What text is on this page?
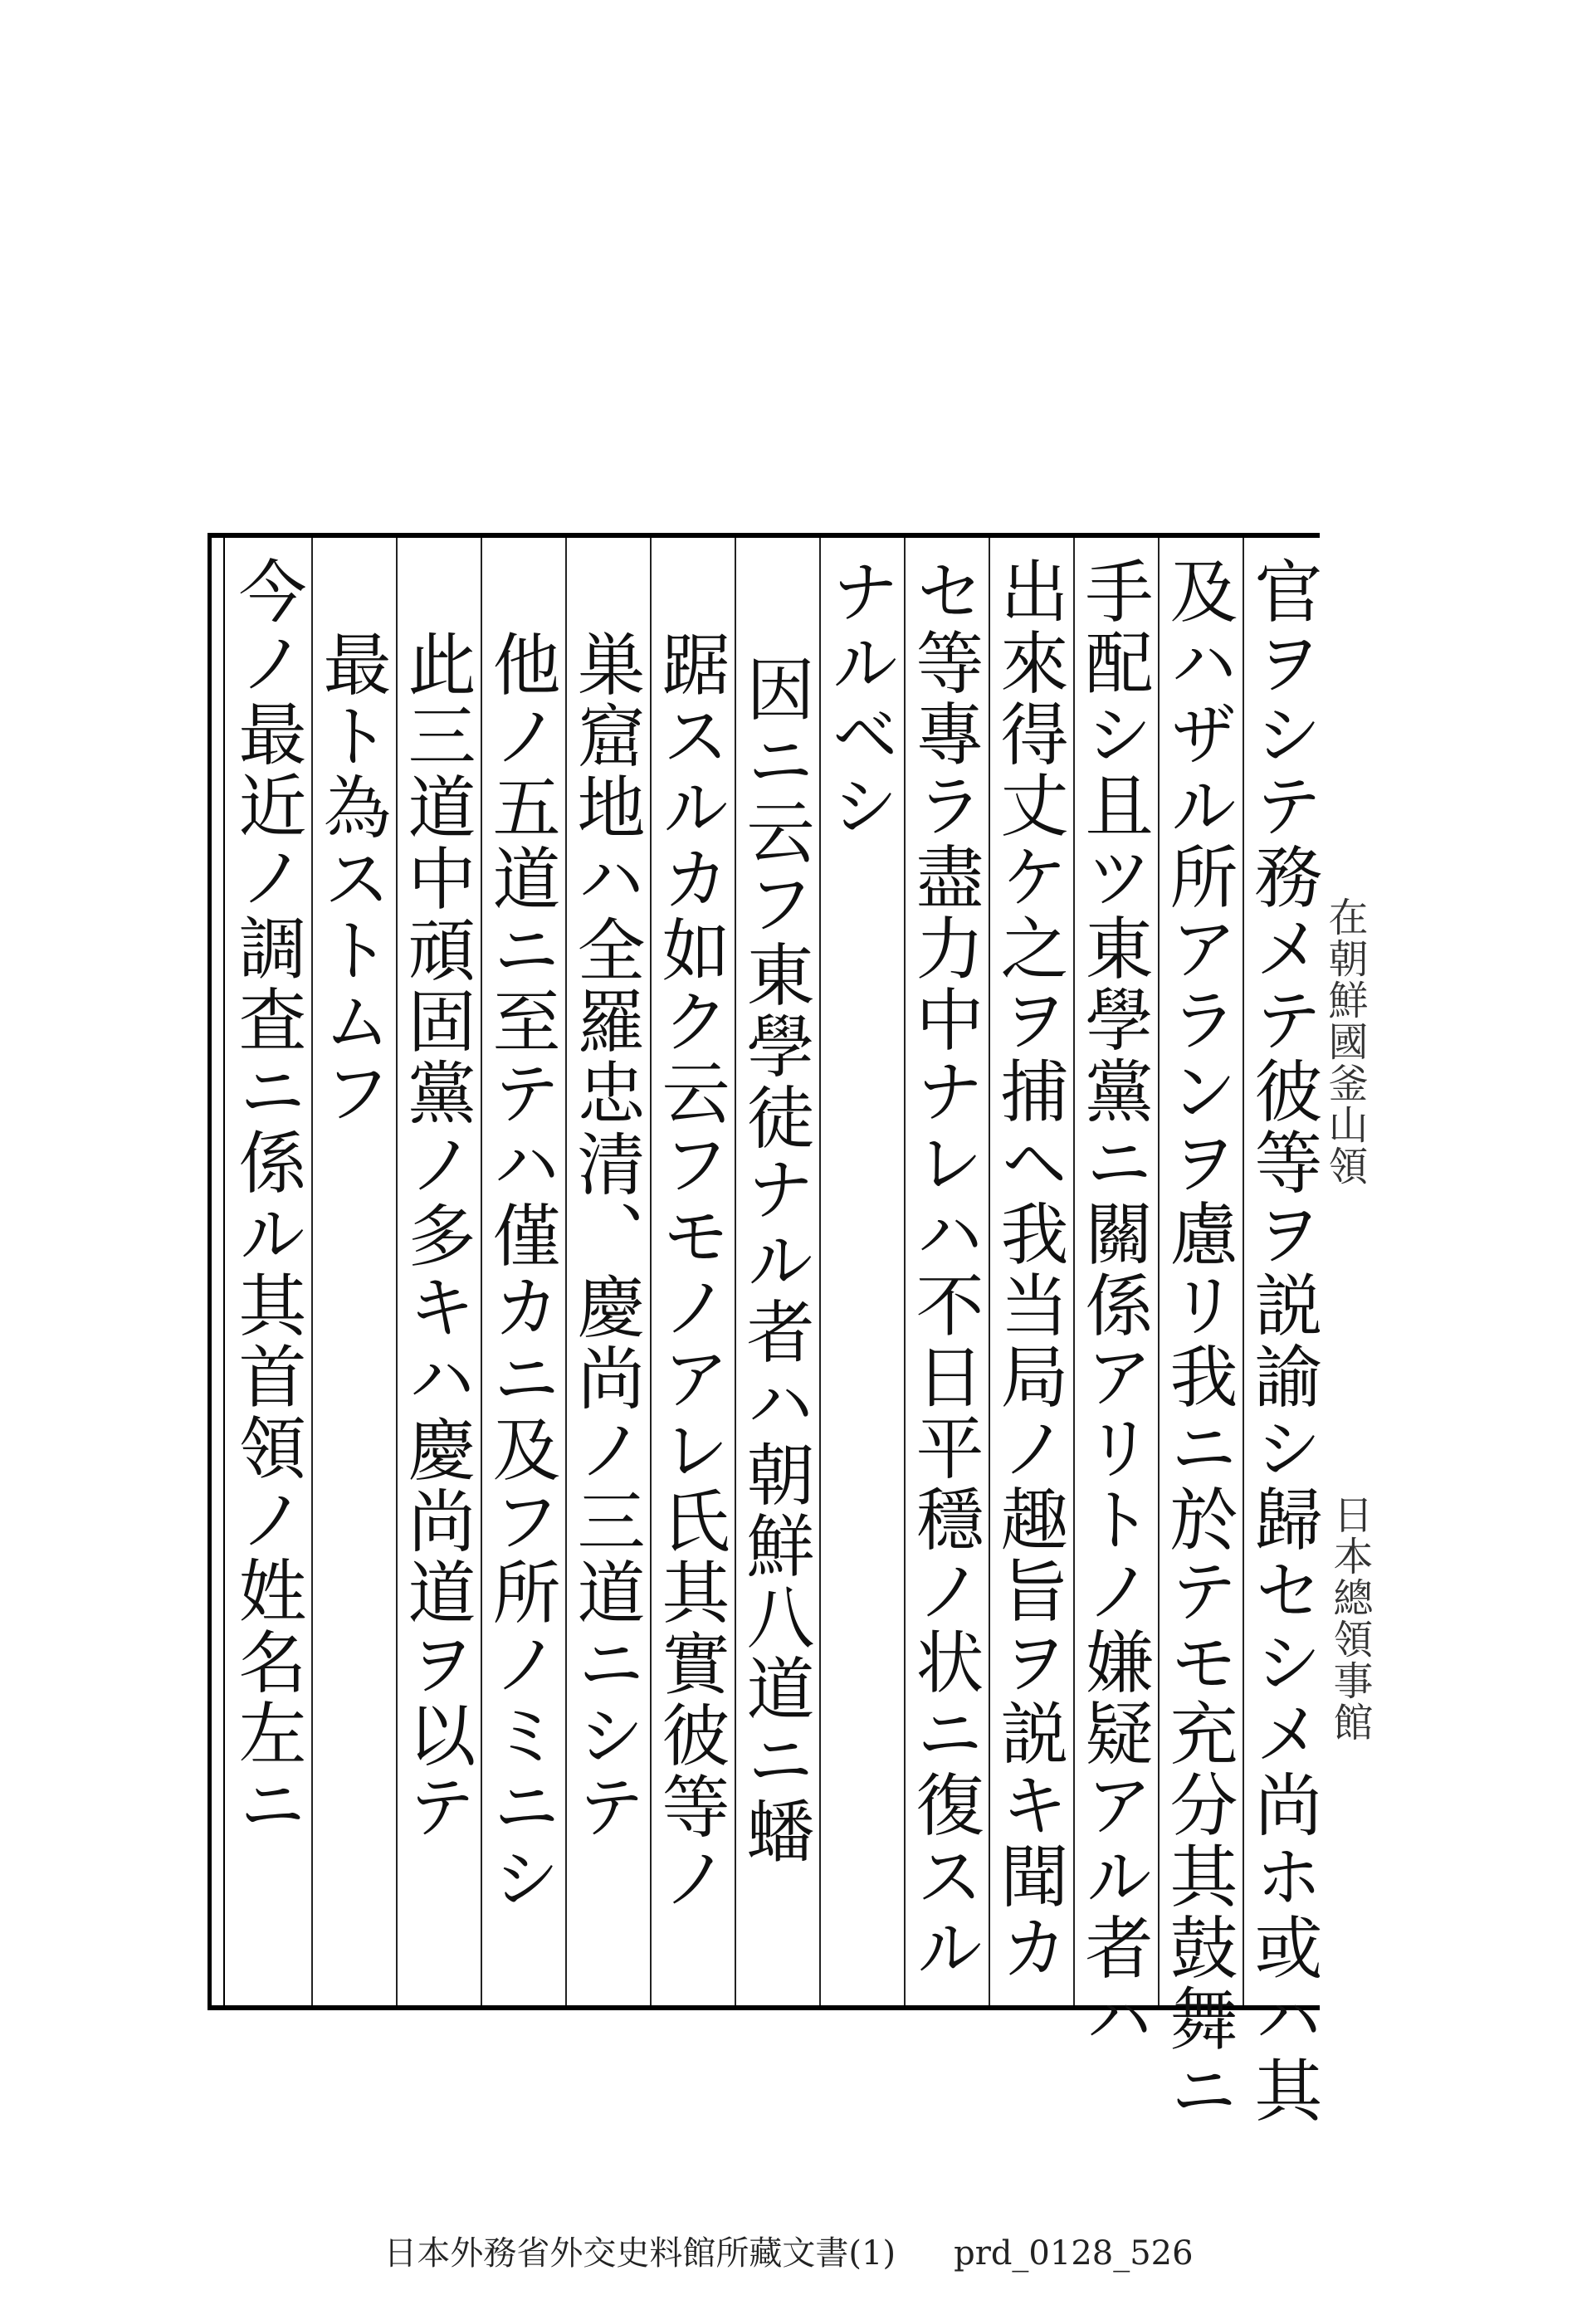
官ヲシテ務メテ彼等ヲ説諭シ歸セシメ尚ホ或ハ其
及ハザル所アランヲ慮リ我ニ於テモ充分其鼓舞ニ
手配シ且ツ東學黨ニ關係アリトノ嫌疑アル者ハ
出來得丈ケ之ヲ捕ヘ我当局ノ趣旨ヲ説キ聞カ
セ等專ラ盡力中ナレハ不日平穩ノ状ニ復スル
ナルベシ
因ニ云フ東學徒ナル者ハ朝鮮八道ニ蟠
踞スルカ如ク云フモノアレ氏其實彼等ノ
巣窟地ハ全羅忠清、慶尚ノ三道ニシテ
他ノ五道ニ至テハ僅カニ及フ所ノミニシ
此三道中頑固黨ノ多キハ慶尚道ヲ以テ
最ト為ストムフ
今ノ最近ノ調査ニ係ル其首領ノ姓名左ニ	在朝鮮國釜山領
日本總領事館
日本外務省外交史料館所藏文書(1) prd_0128_526
